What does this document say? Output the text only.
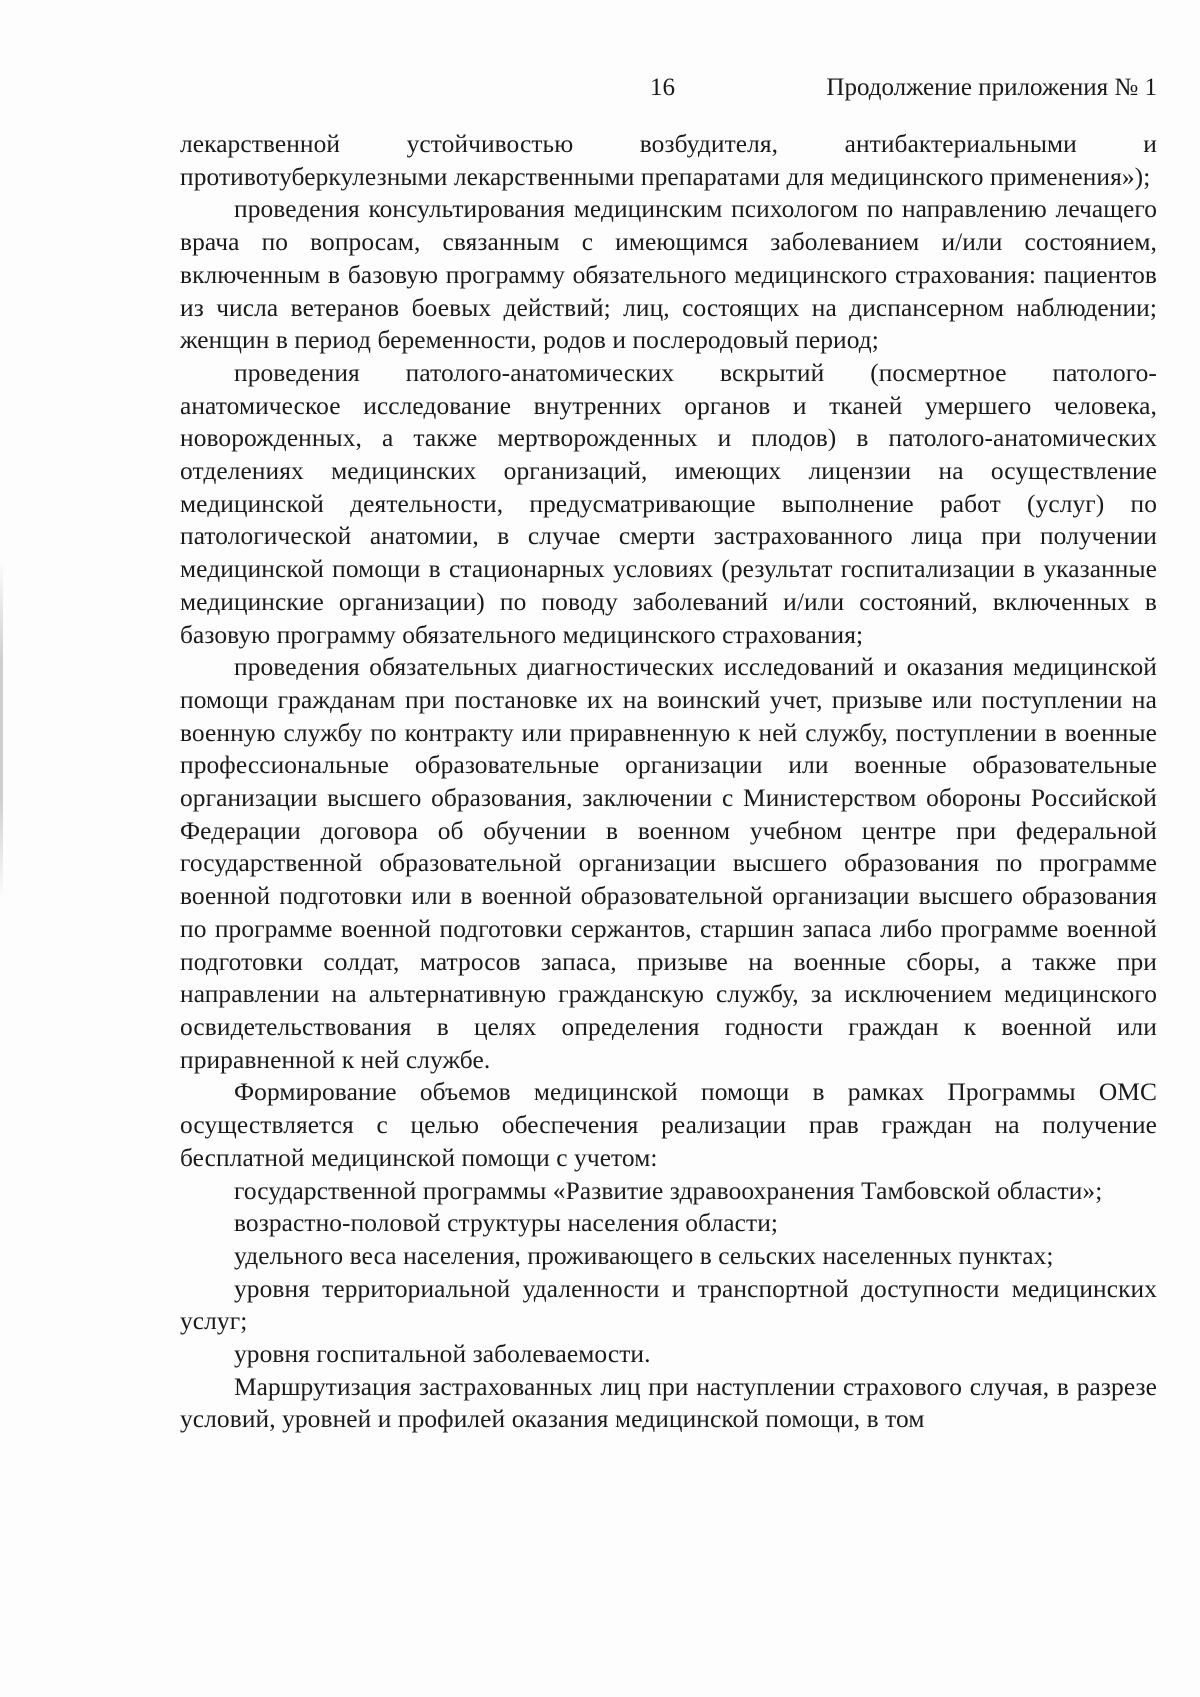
16	Продолжение приложения № 1

лекарственной устойчивостью возбудителя, антибактериальными и противотуберкулезными лекарственными препаратами для медицинского применения»);

проведения консультирования медицинским психологом по направлению лечащего врача по вопросам, связанным с имеющимся заболеванием и/или состоянием, включенным в базовую программу обязательного медицинского страхования: пациентов из числа ветеранов боевых действий; лиц, состоящих на диспансерном наблюдении; женщин в период беременности, родов и послеродовый период;

проведения патолого-анатомических вскрытий (посмертное патолого-анатомическое исследование внутренних органов и тканей умершего человека, новорожденных, а также мертворожденных и плодов) в патолого-анатомических отделениях медицинских организаций, имеющих лицензии на осуществление медицинской деятельности, предусматривающие выполнение работ (услуг) по патологической анатомии, в случае смерти застрахованного лица при получении медицинской помощи в стационарных условиях (результат госпитализации в указанные медицинские организации) по поводу заболеваний и/или состояний, включенных в базовую программу обязательного медицинского страхования;

проведения обязательных диагностических исследований и оказания медицинской помощи гражданам при постановке их на воинский учет, призыве или поступлении на военную службу по контракту или приравненную к ней службу, поступлении в военные профессиональные образовательные организации или военные образовательные организации высшего образования, заключении с Министерством обороны Российской Федерации договора об обучении в военном учебном центре при федеральной государственной образовательной организации высшего образования по программе военной подготовки или в военной образовательной организации высшего образования по программе военной подготовки сержантов, старшин запаса либо программе военной подготовки солдат, матросов запаса, призыве на военные сборы, а также при направлении на альтернативную гражданскую службу, за исключением медицинского освидетельствования в целях определения годности граждан к военной или приравненной к ней службе.

Формирование объемов медицинской помощи в рамках Программы ОМС осуществляется с целью обеспечения реализации прав граждан на получение бесплатной медицинской помощи с учетом:

государственной программы «Развитие здравоохранения Тамбовской области»;

возрастно-половой структуры населения области;

удельного веса населения, проживающего в сельских населенных пунктах;

уровня территориальной удаленности и транспортной доступности медицинских услуг;

уровня госпитальной заболеваемости.

Маршрутизация застрахованных лиц при наступлении страхового случая, в разрезе условий, уровней и профилей оказания медицинской помощи, в том
